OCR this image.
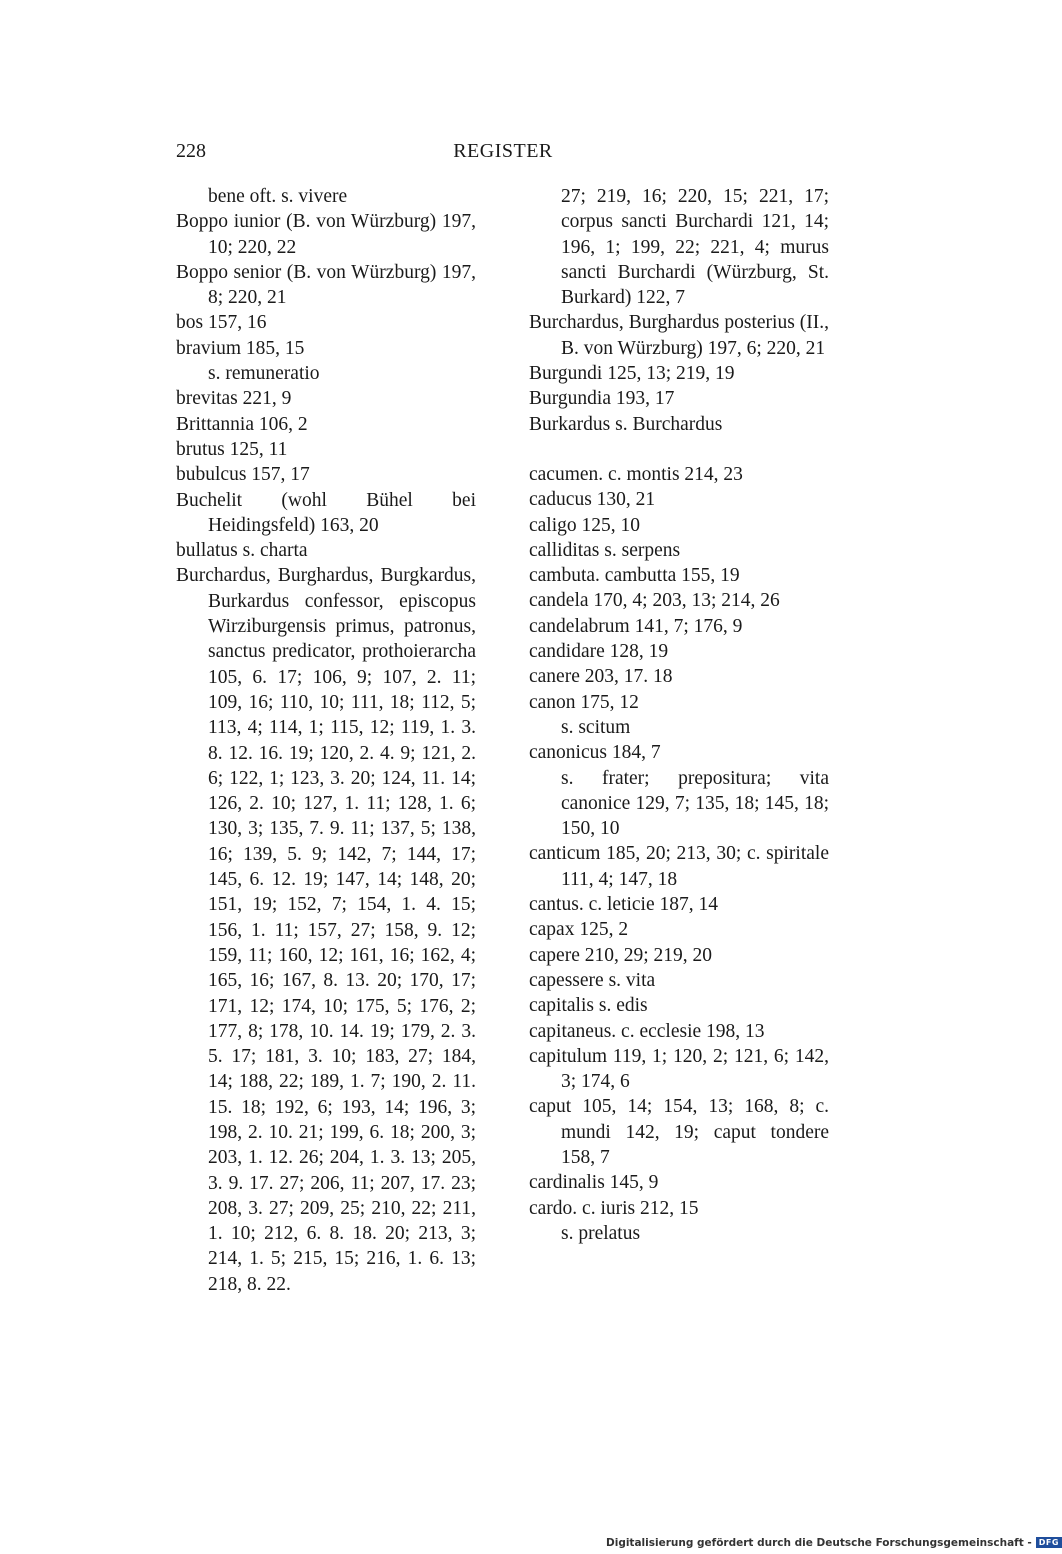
228	REGISTER
bene oft. s. vivere
Boppo iunior (B. von Würzburg) 197, 10; 220, 22
Boppo senior (B. von Würzburg) 197, 8; 220, 21
bos 157, 16
bravium 185, 15
s. remuneratio
brevitas 221, 9
Brittannia 106, 2
brutus 125, 11
bubulcus 157, 17
Buchelit (wohl Bühel bei Heidingsfeld) 163, 20
bullatus s. charta
Burchardus, Burghardus, Burgkardus, Burkardus confessor, episcopus Wirziburgensis primus, patronus, sanctus predicator, prothoierarcha 105, 6. 17; 106, 9; 107, 2. 11; 109, 16; 110, 10; 111, 18; 112, 5; 113, 4; 114, 1; 115, 12; 119, 1. 3. 8. 12. 16. 19; 120, 2. 4. 9; 121, 2. 6; 122, 1; 123, 3. 20; 124, 11. 14; 126, 2. 10; 127, 1. 11; 128, 1. 6; 130, 3; 135, 7. 9. 11; 137, 5; 138, 16; 139, 5. 9; 142, 7; 144, 17; 145, 6. 12. 19; 147, 14; 148, 20; 151, 19; 152, 7; 154, 1. 4. 15; 156, 1. 11; 157, 27; 158, 9. 12; 159, 11; 160, 12; 161, 16; 162, 4; 165, 16; 167, 8. 13. 20; 170, 17; 171, 12; 174, 10; 175, 5; 176, 2; 177, 8; 178, 10. 14. 19; 179, 2. 3. 5. 17; 181, 3. 10; 183, 27; 184, 14; 188, 22; 189, 1. 7; 190, 2. 11. 15. 18; 192, 6; 193, 14; 196, 3; 198, 2. 10. 21; 199, 6. 18; 200, 3; 203, 1. 12. 26; 204, 1. 3. 13; 205, 3. 9. 17. 27; 206, 11; 207, 17. 23; 208, 3. 27; 209, 25; 210, 22; 211, 1. 10; 212, 6. 8. 18. 20; 213, 3; 214, 1. 5; 215, 15; 216, 1. 6. 13; 218, 8. 22.
27; 219, 16; 220, 15; 221, 17; corpus sancti Burchardi 121, 14; 196, 1; 199, 22; 221, 4; murus sancti Burchardi (Würzburg, St. Burkard) 122, 7
Burchardus, Burghardus posterius (II., B. von Würzburg) 197, 6; 220, 21
Burgundi 125, 13; 219, 19
Burgundia 193, 17
Burkardus s. Burchardus
cacumen. c. montis 214, 23
caducus 130, 21
caligo 125, 10
calliditas s. serpens
cambuta. cambutta 155, 19
candela 170, 4; 203, 13; 214, 26
candelabrum 141, 7; 176, 9
candidare 128, 19
canere 203, 17. 18
canon 175, 12
s. scitum
canonicus 184, 7
s. frater; prepositura; vita canonice 129, 7; 135, 18; 145, 18; 150, 10
canticum 185, 20; 213, 30; c. spiritale 111, 4; 147, 18
cantus. c. leticie 187, 14
capax 125, 2
capere 210, 29; 219, 20
capessere s. vita
capitalis s. edis
capitaneus. c. ecclesie 198, 13
capitulum 119, 1; 120, 2; 121, 6; 142, 3; 174, 6
caput 105, 14; 154, 13; 168, 8; c. mundi 142, 19; caput tondere 158, 7
cardinalis 145, 9
cardo. c. iuris 212, 15
s. prelatus
Digitalisierung gefördert durch die Deutsche Forschungsgemeinschaft - DFG
